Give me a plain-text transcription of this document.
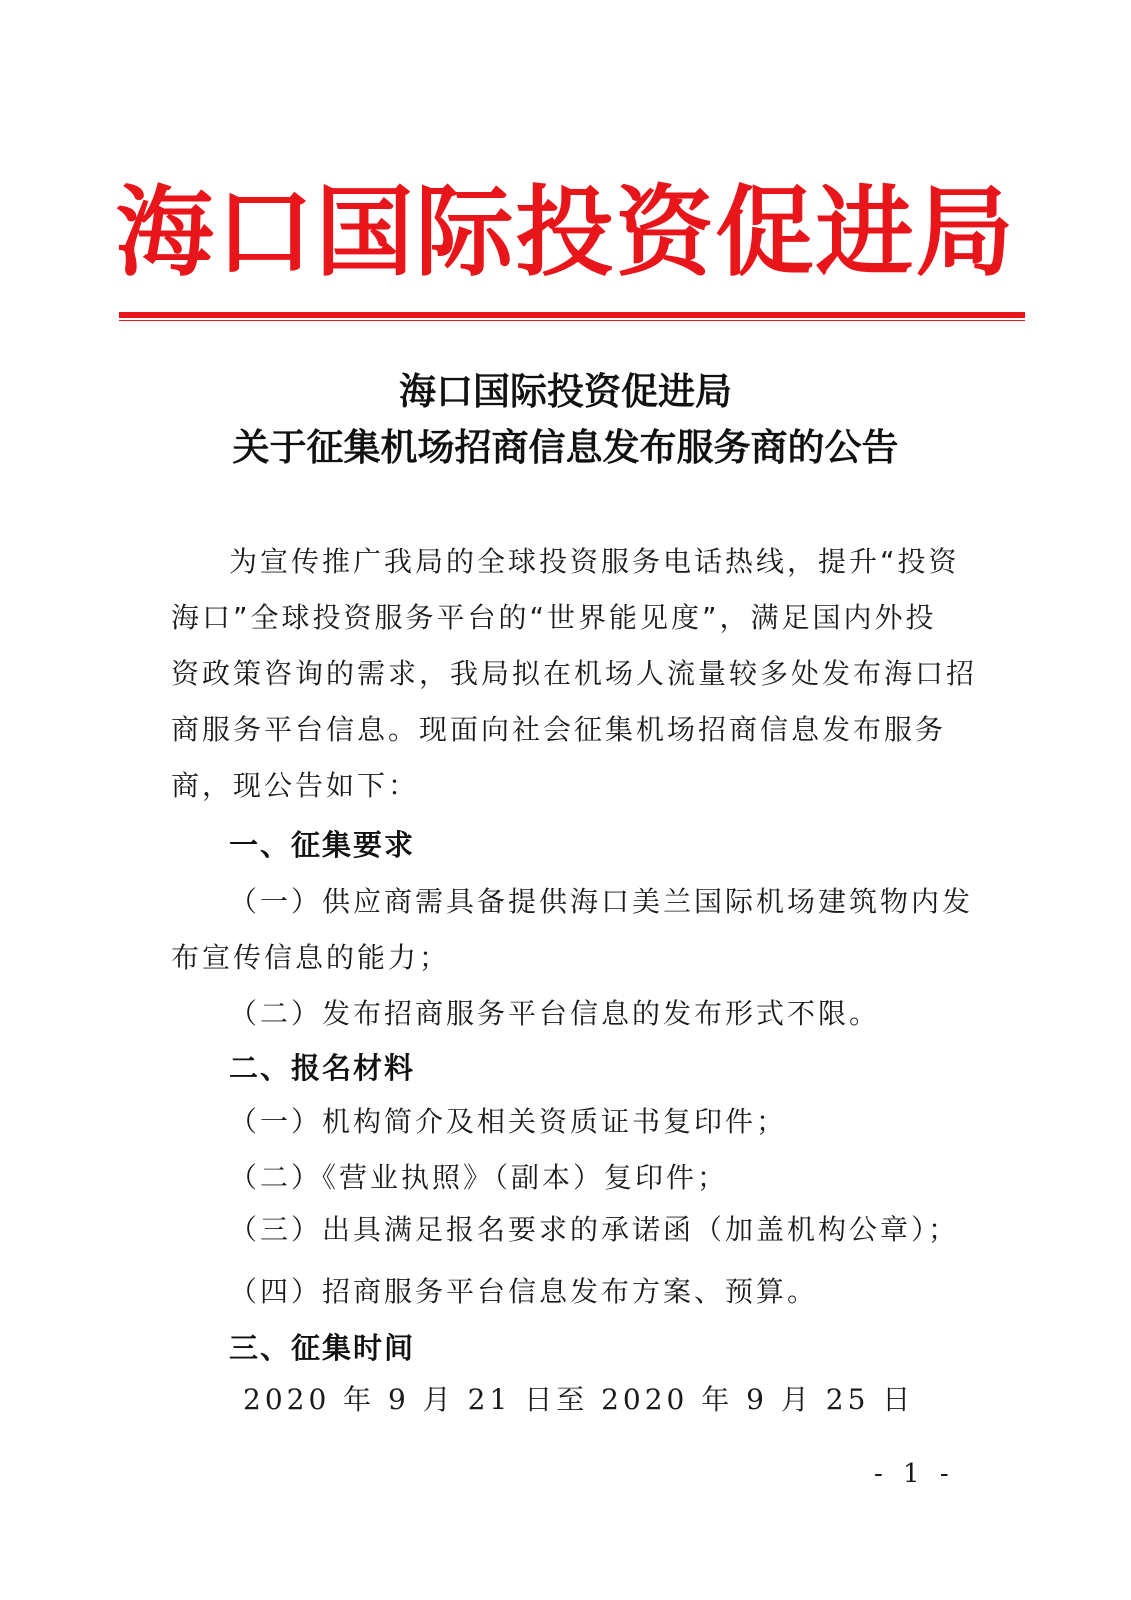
海口国际投资促进局
海口国际投资促进局
关于征集机场招商信息发布服务商的公告
为宣传推广我局的全球投资服务电话热线，提升“投资
海口”全球投资服务平台的“世界能见度”，满足国内外投
资政策咨询的需求，我局拟在机场人流量较多处发布海口招
商服务平台信息。现面向社会征集机场招商信息发布服务
商，现公告如下：
一、征集要求
（一）供应商需具备提供海口美兰国际机场建筑物内发
布宣传信息的能力；
（二）发布招商服务平台信息的发布形式不限。
二、报名材料
（一）机构简介及相关资质证书复印件；
（二）《营业执照》（副本）复印件；
（三）出具满足报名要求的承诺函（加盖机构公章）；
（四）招商服务平台信息发布方案、预算。
三、征集时间
2020 年 9 月 21 日至 2020 年 9 月 25 日
- 1 -
